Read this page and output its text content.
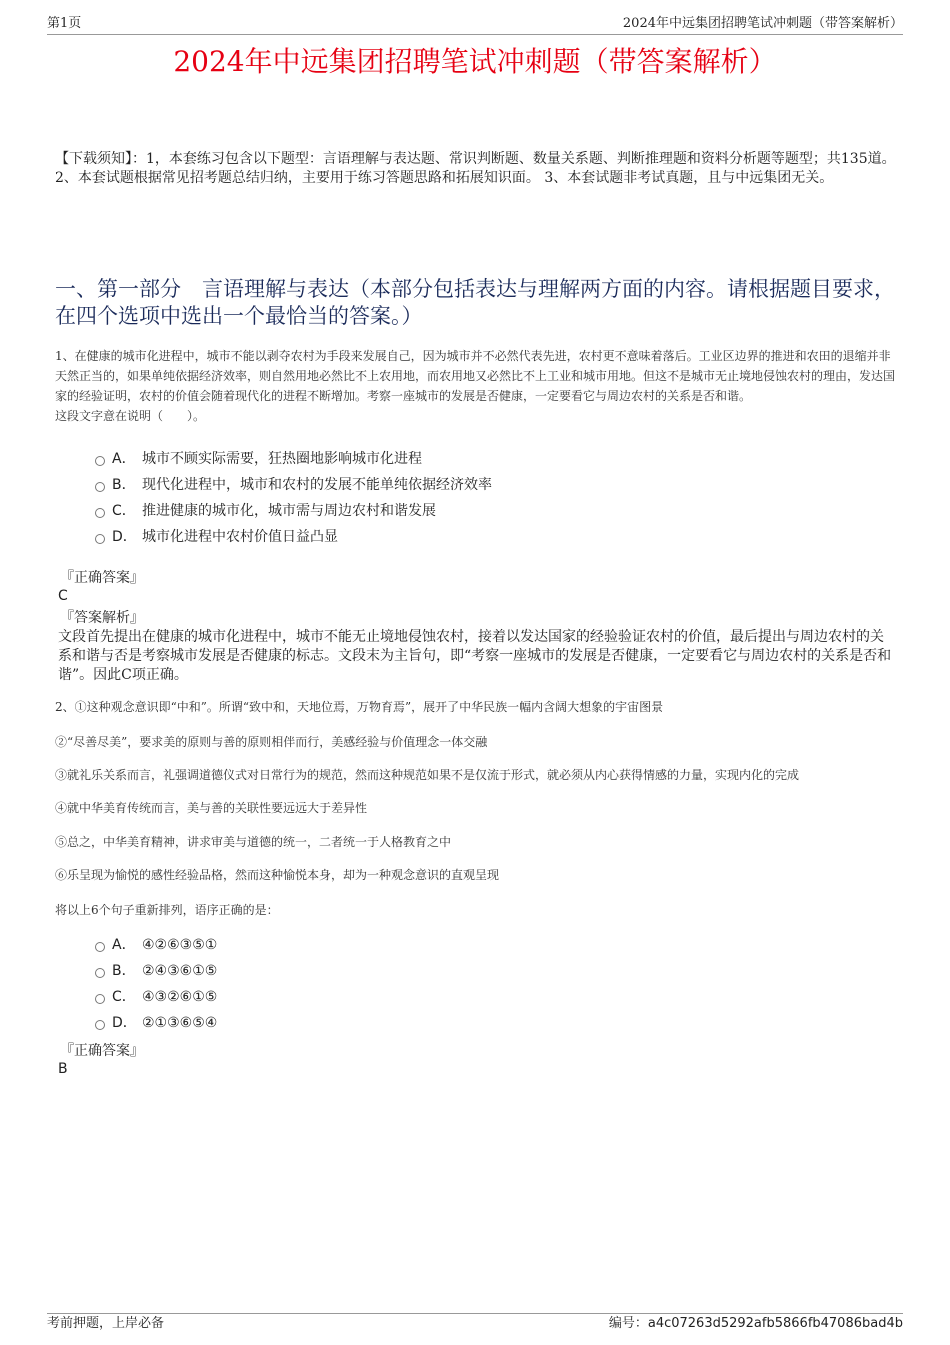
第1页	2024年中远集团招聘笔试冲刺题（带答案解析）
2024年中远集团招聘笔试冲刺题（带答案解析）
【下载须知】：1，本套练习包含以下题型：言语理解与表达题、常识判断题、数量关系题、判断推理题和资料分析题等题型；共135道。 2、本套试题根据常见招考题总结归纳，主要用于练习答题思路和拓展知识面。 3、本套试题非考试真题，且与中远集团无关。
一、第一部分　言语理解与表达（本部分包括表达与理解两方面的内容。请根据题目要求，在四个选项中选出一个最恰当的答案。）
1、在健康的城市化进程中，城市不能以剥夺农村为手段来发展自己，因为城市并不必然代表先进，农村更不意味着落后。工业区边界的推进和农田的退缩并非天然正当的，如果单纯依据经济效率，则自然用地必然比不上农用地，而农用地又必然比不上工业和城市用地。但这不是城市无止境地侵蚀农村的理由，发达国家的经验证明，农村的价值会随着现代化的进程不断增加。考察一座城市的发展是否健康，一定要看它与周边农村的关系是否和谐。
这段文字意在说明（　　）。
A． 城市不顾实际需要，狂热圈地影响城市化进程
B． 现代化进程中，城市和农村的发展不能单纯依据经济效率
C． 推进健康的城市化，城市需与周边农村和谐发展
D． 城市化进程中农村价值日益凸显
『正确答案』
C
『答案解析』
文段首先提出在健康的城市化进程中，城市不能无止境地侵蚀农村，接着以发达国家的经验验证农村的价值，最后提出与周边农村的关系和谐与否是考察城市发展是否健康的标志。文段末为主旨句，即“考察一座城市的发展是否健康，一定要看它与周边农村的关系是否和谐”。因此C项正确。
2、①这种观念意识即“中和”。所谓“致中和，天地位焉，万物育焉”，展开了中华民族一幅内含阔大想象的宇宙图景
②“尽善尽美”，要求美的原则与善的原则相伴而行，美感经验与价值理念一体交融
③就礼乐关系而言，礼强调道德仪式对日常行为的规范，然而这种规范如果不是仅流于形式，就必须从内心获得情感的力量，实现内化的完成
④就中华美育传统而言，美与善的关联性要远远大于差异性
⑤总之，中华美育精神，讲求审美与道德的统一，二者统一于人格教育之中
⑥乐呈现为愉悦的感性经验品格，然而这种愉悦本身，却为一种观念意识的直观呈现
将以上6个句子重新排列，语序正确的是：
A． ④②⑥③⑤①
B． ②④③⑥①⑤
C． ④③②⑥①⑤
D． ②①③⑥⑤④
『正确答案』
B
考前押题，上岸必备	编号：a4c07263d5292afb5866fb47086bad4b
